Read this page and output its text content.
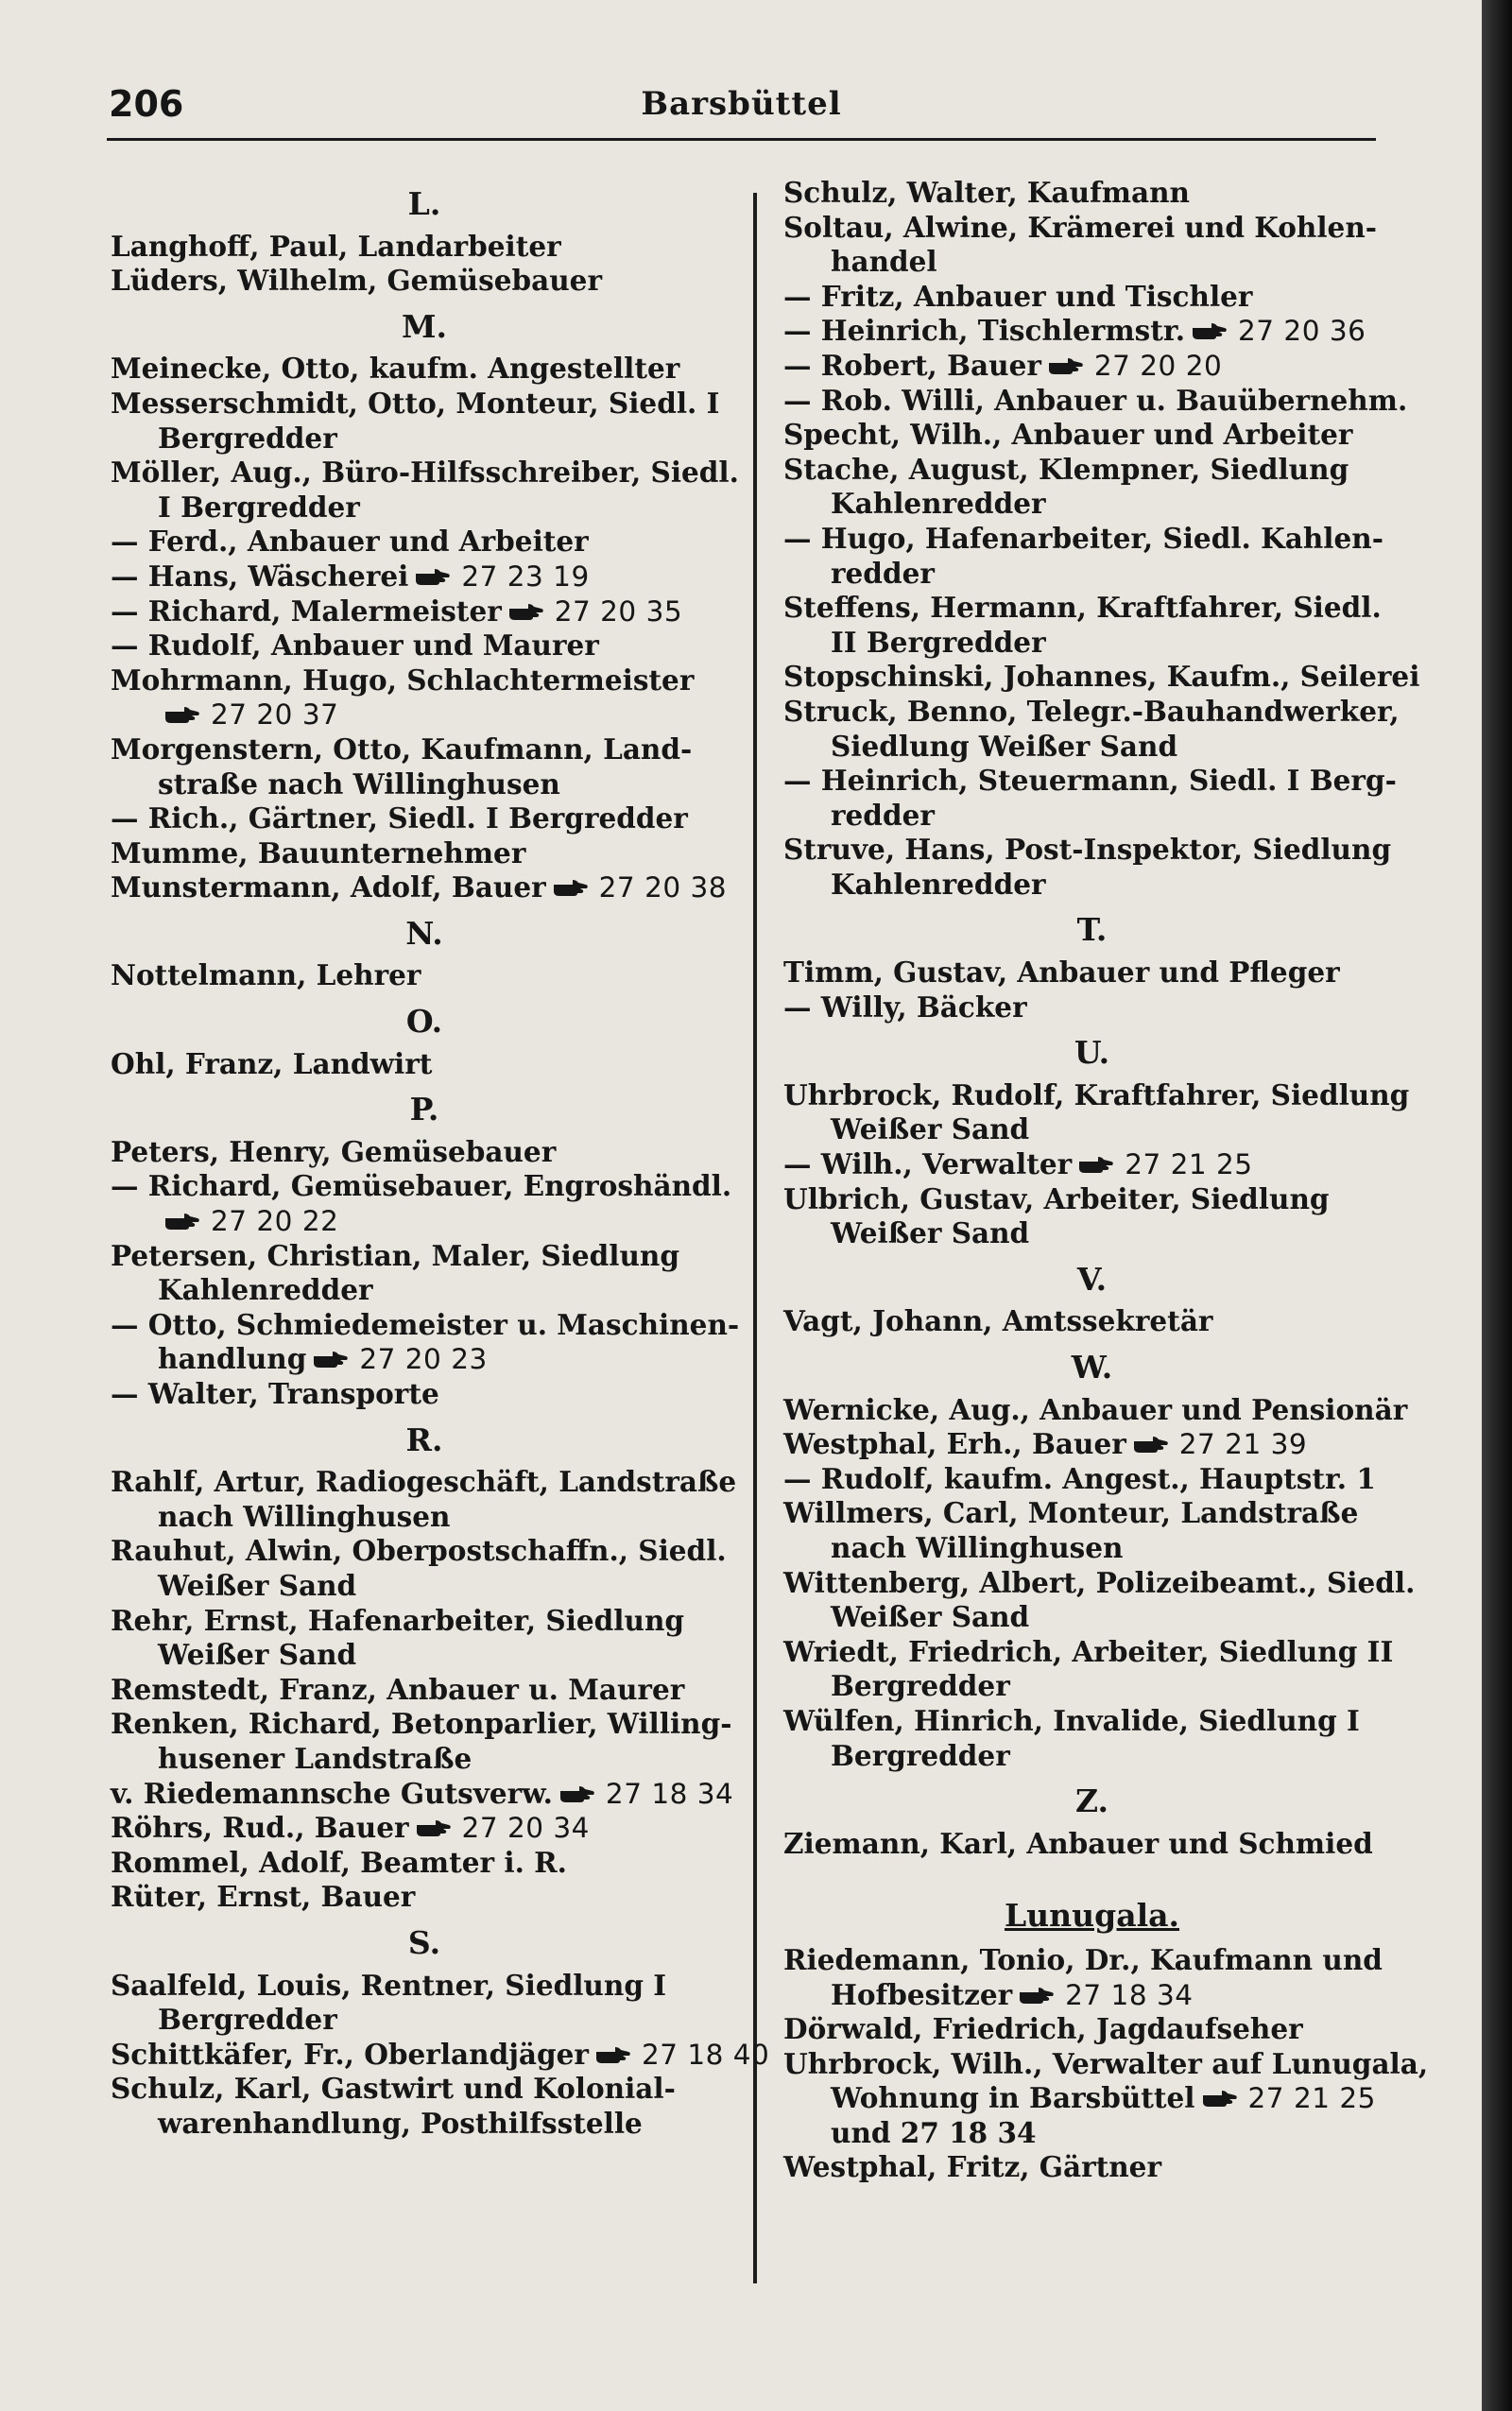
206	Barsbüttel
L.
Langhoff, Paul, Landarbeiter
Lüders, Wilhelm, Gemüsebauer
M.
Meinecke, Otto, kaufm. Angestellter
Messerschmidt, Otto, Monteur, Siedl. I
Bergredder
Möller, Aug., Büro-Hilfsschreiber, Siedl.
I Bergredder
— Ferd., Anbauer und Arbeiter
— Hans, Wäscherei 27 23 19
— Richard, Malermeister 27 20 35
— Rudolf, Anbauer und Maurer
Mohrmann, Hugo, Schlachtermeister
27 20 37
Morgenstern, Otto, Kaufmann, Land-
straße nach Willinghusen
— Rich., Gärtner, Siedl. I Bergredder
Mumme, Bauunternehmer
Munstermann, Adolf, Bauer 27 20 38
N.
Nottelmann, Lehrer
O.
Ohl, Franz, Landwirt
P.
Peters, Henry, Gemüsebauer
— Richard, Gemüsebauer, Engroshändl.
27 20 22
Petersen, Christian, Maler, Siedlung
Kahlenredder
— Otto, Schmiedemeister u. Maschinen-
handlung 27 20 23
— Walter, Transporte
R.
Rahlf, Artur, Radiogeschäft, Landstraße
nach Willinghusen
Rauhut, Alwin, Oberpostschaffn., Siedl.
Weißer Sand
Rehr, Ernst, Hafenarbeiter, Siedlung
Weißer Sand
Remstedt, Franz, Anbauer u. Maurer
Renken, Richard, Betonparlier, Willing-
husener Landstraße
v. Riedemannsche Gutsverw. 27 18 34
Röhrs, Rud., Bauer 27 20 34
Rommel, Adolf, Beamter i. R.
Rüter, Ernst, Bauer
S.
Saalfeld, Louis, Rentner, Siedlung I
Bergredder
Schittkäfer, Fr., Oberlandjäger 27 18 40
Schulz, Karl, Gastwirt und Kolonial-
warenhandlung, Posthilfsstelle
Schulz, Walter, Kaufmann
Soltau, Alwine, Krämerei und Kohlen-
handel
— Fritz, Anbauer und Tischler
— Heinrich, Tischlermstr. 27 20 36
— Robert, Bauer 27 20 20
— Rob. Willi, Anbauer u. Bauübernehm.
Specht, Wilh., Anbauer und Arbeiter
Stache, August, Klempner, Siedlung
Kahlenredder
— Hugo, Hafenarbeiter, Siedl. Kahlen-
redder
Steffens, Hermann, Kraftfahrer, Siedl.
II Bergredder
Stopschinski, Johannes, Kaufm., Seilerei
Struck, Benno, Telegr.-Bauhandwerker,
Siedlung Weißer Sand
— Heinrich, Steuermann, Siedl. I Berg-
redder
Struve, Hans, Post-Inspektor, Siedlung
Kahlenredder
T.
Timm, Gustav, Anbauer und Pfleger
— Willy, Bäcker
U.
Uhrbrock, Rudolf, Kraftfahrer, Siedlung
Weißer Sand
— Wilh., Verwalter 27 21 25
Ulbrich, Gustav, Arbeiter, Siedlung
Weißer Sand
V.
Vagt, Johann, Amtssekretär
W.
Wernicke, Aug., Anbauer und Pensionär
Westphal, Erh., Bauer 27 21 39
— Rudolf, kaufm. Angest., Hauptstr. 1
Willmers, Carl, Monteur, Landstraße
nach Willinghusen
Wittenberg, Albert, Polizeibeamt., Siedl.
Weißer Sand
Wriedt, Friedrich, Arbeiter, Siedlung II
Bergredder
Wülfen, Hinrich, Invalide, Siedlung I
Bergredder
Z.
Ziemann, Karl, Anbauer und Schmied
Lunugala.
Riedemann, Tonio, Dr., Kaufmann und
Hofbesitzer 27 18 34
Dörwald, Friedrich, Jagdaufseher
Uhrbrock, Wilh., Verwalter auf Lunugala,
Wohnung in Barsbüttel 27 21 25
und 27 18 34
Westphal, Fritz, Gärtner
